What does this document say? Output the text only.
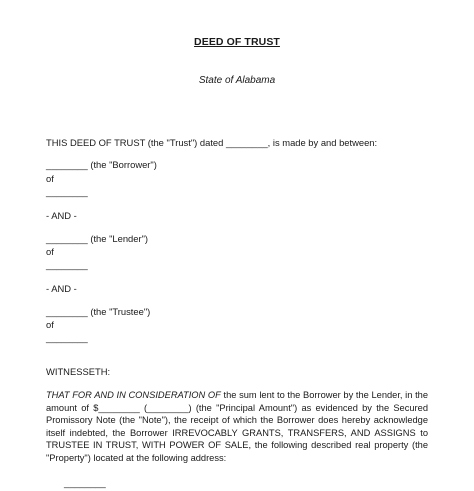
DEED OF TRUST
State of Alabama
THIS DEED OF TRUST (the "Trust") dated ________, is made by and between:
________ (the "Borrower")
of
________
- AND -
________ (the "Lender")
of
________
- AND -
________ (the "Trustee")
of
________
WITNESSETH:
THAT FOR AND IN CONSIDERATION OF the sum lent to the Borrower by the Lender, in the amount of $________ (________) (the "Principal Amount") as evidenced by the Secured Promissory Note (the "Note"), the receipt of which the Borrower does hereby acknowledge itself indebted, the Borrower IRREVOCABLY GRANTS, TRANSFERS, AND ASSIGNS to TRUSTEE IN TRUST, WITH POWER OF SALE, the following described real property (the "Property") located at the following address:
________
